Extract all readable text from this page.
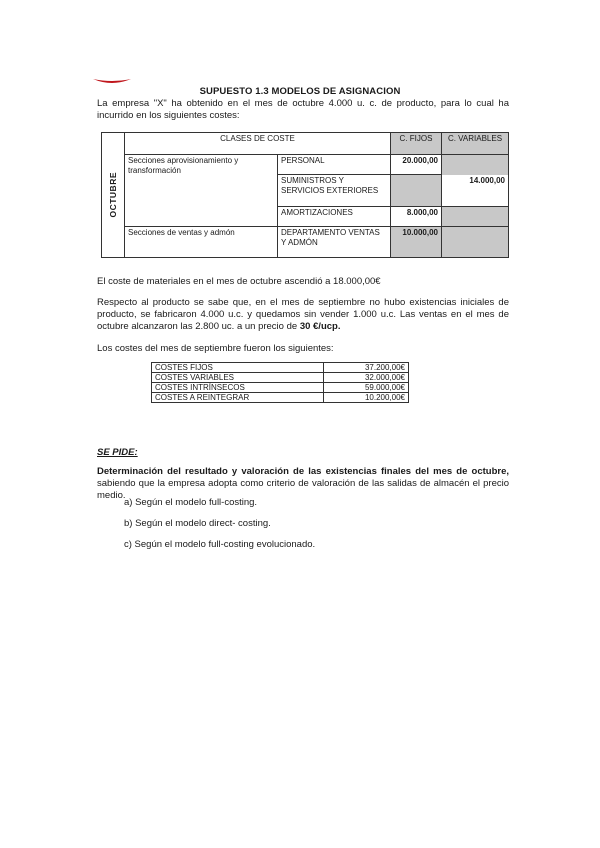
SUPUESTO 1.3 MODELOS DE ASIGNACION
La empresa "X" ha obtenido en el mes de octubre 4.000 u. c. de producto, para lo cual ha incurrido en los siguientes costes:
OCTUBRE	CLASES DE COSTE		C. FIJOS	C. VARIABLES
	Secciones aprovisionamiento y transformación	PERSONAL	20.000,00	
		SUMINISTROS Y SERVICIOS EXTERIORES		14.000,00
		AMORTIZACIONES	8.000,00	
	Secciones de ventas y admón	DEPARTAMENTO VENTAS Y ADMÓN	10.000,00	
El coste de materiales en el mes de octubre ascendió a 18.000,00€
Respecto al producto se sabe que, en el mes de septiembre no hubo existencias iniciales de producto, se fabricaron 4.000 u.c. y quedamos sin vender 1.000 u.c. Las ventas en el mes de octubre alcanzaron las 2.800 uc. a un precio de 30 €/ucp.
Los costes del mes de septiembre fueron los siguientes:
COSTES FIJOS	37.200,00€
COSTES VARIABLES	32.000,00€
COSTES INTRÍNSECOS	59.000,00€
COSTES A REINTEGRAR	10.200,00€
SE PIDE:
Determinación del resultado y valoración de las existencias finales del mes de octubre, sabiendo que la empresa adopta como criterio de valoración de las salidas de almacén el precio medio.
a) Según el modelo full-costing.
b) Según el modelo direct- costing.
c) Según el modelo full-costing evolucionado.
